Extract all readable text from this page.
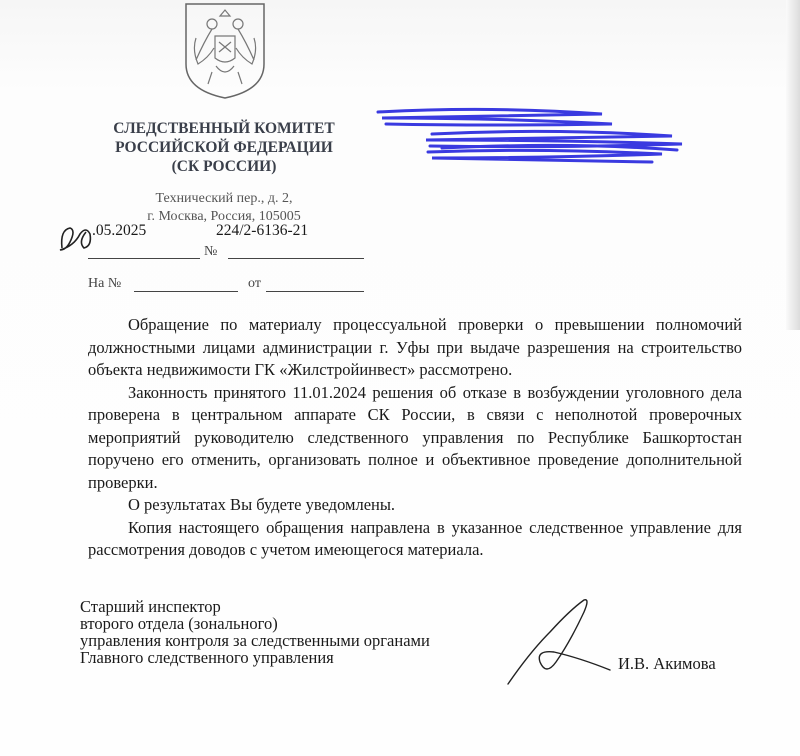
СЛЕДСТВЕННЫЙ КОМИТЕТ
РОССИЙСКОЙ ФЕДЕРАЦИИ
(СК РОССИИ)
Технический пер., д. 2,
г. Москва, Россия, 105005
.05.2025	224/2-6136-21
№
На №	от

Обращение по материалу процессуальной проверки о превышении полномочий должностными лицами администрации г. Уфы при выдаче разрешения на строительство объекта недвижимости ГК «Жилстройинвест» рассмотрено.

Законность принятого 11.01.2024 решения об отказе в возбуждении уголовного дела проверена в центральном аппарате СК России, в связи с неполнотой проверочных мероприятий руководителю следственного управления по Республике Башкортостан поручено его отменить, организовать полное и объективное проведение дополнительной проверки.

О результатах Вы будете уведомлены.

Копия настоящего обращения направлена в указанное следственное управление для рассмотрения доводов с учетом имеющегося материала.

Старший инспектор
второго отдела (зонального)
управления контроля за следственными органами
Главного следственного управления	И.В. Акимова
